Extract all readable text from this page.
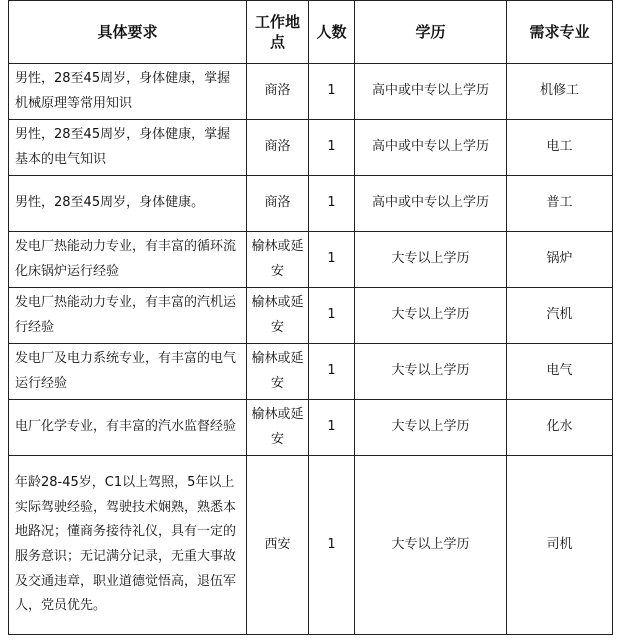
具体要求	工作地点	人数	学历	需求专业
男性，28至45周岁，身体健康，掌握机械原理等常用知识	商洛	1	高中或中专以上学历	机修工
男性，28至45周岁，身体健康，掌握基本的电气知识	商洛	1	高中或中专以上学历	电工
男性，28至45周岁，身体健康。	商洛	1	高中或中专以上学历	普工
发电厂热能动力专业，有丰富的循环流化床锅炉运行经验	榆林或延安	1	大专以上学历	锅炉
发电厂热能动力专业，有丰富的汽机运行经验	榆林或延安	1	大专以上学历	汽机
发电厂及电力系统专业，有丰富的电气运行经验	榆林或延安	1	大专以上学历	电气
电厂化学专业，有丰富的汽水监督经验	榆林或延安	1	大专以上学历	化水
年龄28-45岁，C1以上驾照，5年以上实际驾驶经验，驾驶技术娴熟，熟悉本地路况；懂商务接待礼仪，具有一定的服务意识；无记满分记录，无重大事故及交通违章，职业道德觉悟高，退伍军人，党员优先。	西安	1	大专以上学历	司机
